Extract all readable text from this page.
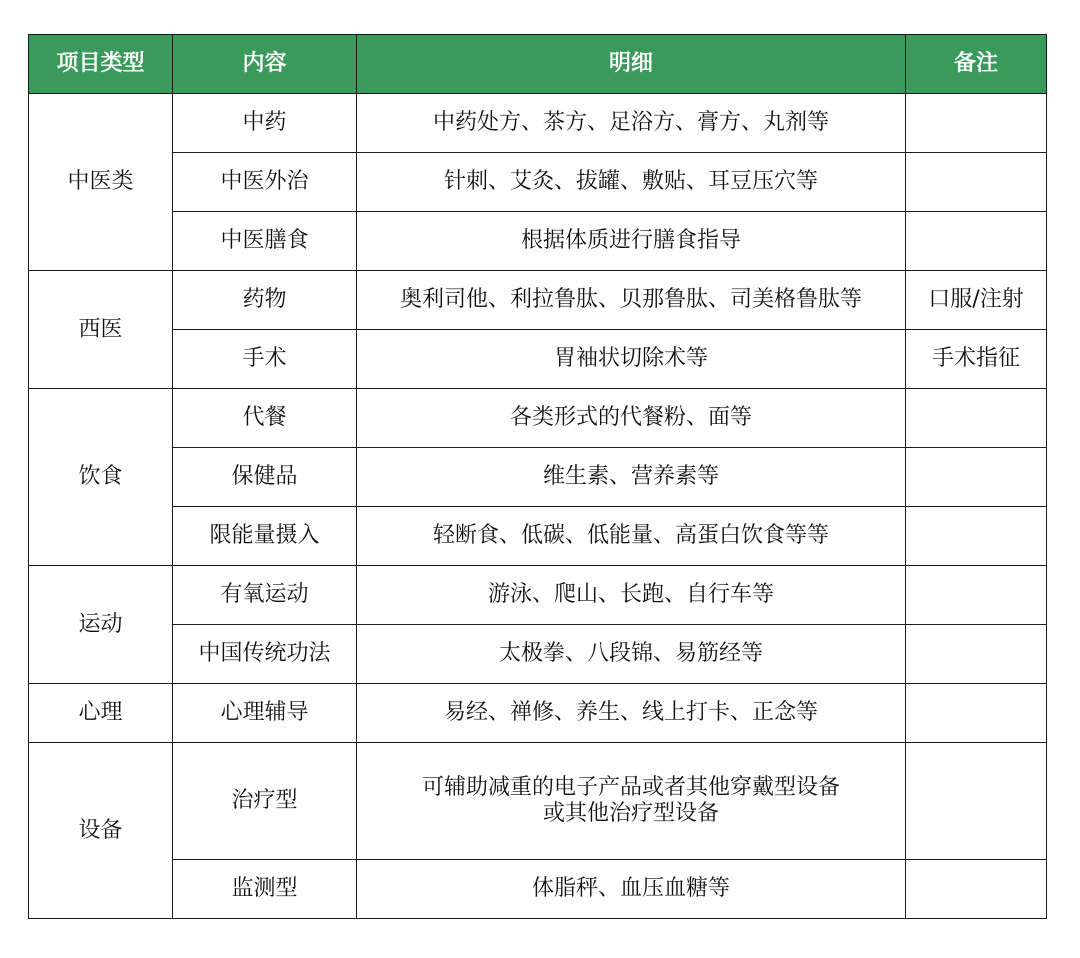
项目类型	内容	明细	备注
中医类	中药	中药处方、茶方、足浴方、膏方、丸剂等	
	中医外治	针刺、艾灸、拔罐、敷贴、耳豆压穴等	
	中医膳食	根据体质进行膳食指导	
西医	药物	奥利司他、利拉鲁肽、贝那鲁肽、司美格鲁肽等	口服/注射
	手术	胃袖状切除术等	手术指征
饮食	代餐	各类形式的代餐粉、面等	
	保健品	维生素、营养素等	
	限能量摄入	轻断食、低碳、低能量、高蛋白饮食等等	
运动	有氧运动	游泳、爬山、长跑、自行车等	
	中国传统功法	太极拳、八段锦、易筋经等	
心理	心理辅导	易经、禅修、养生、线上打卡、正念等	
设备	治疗型	可辅助减重的电子产品或者其他穿戴型设备或其他治疗型设备	
	监测型	体脂秤、血压血糖等	
